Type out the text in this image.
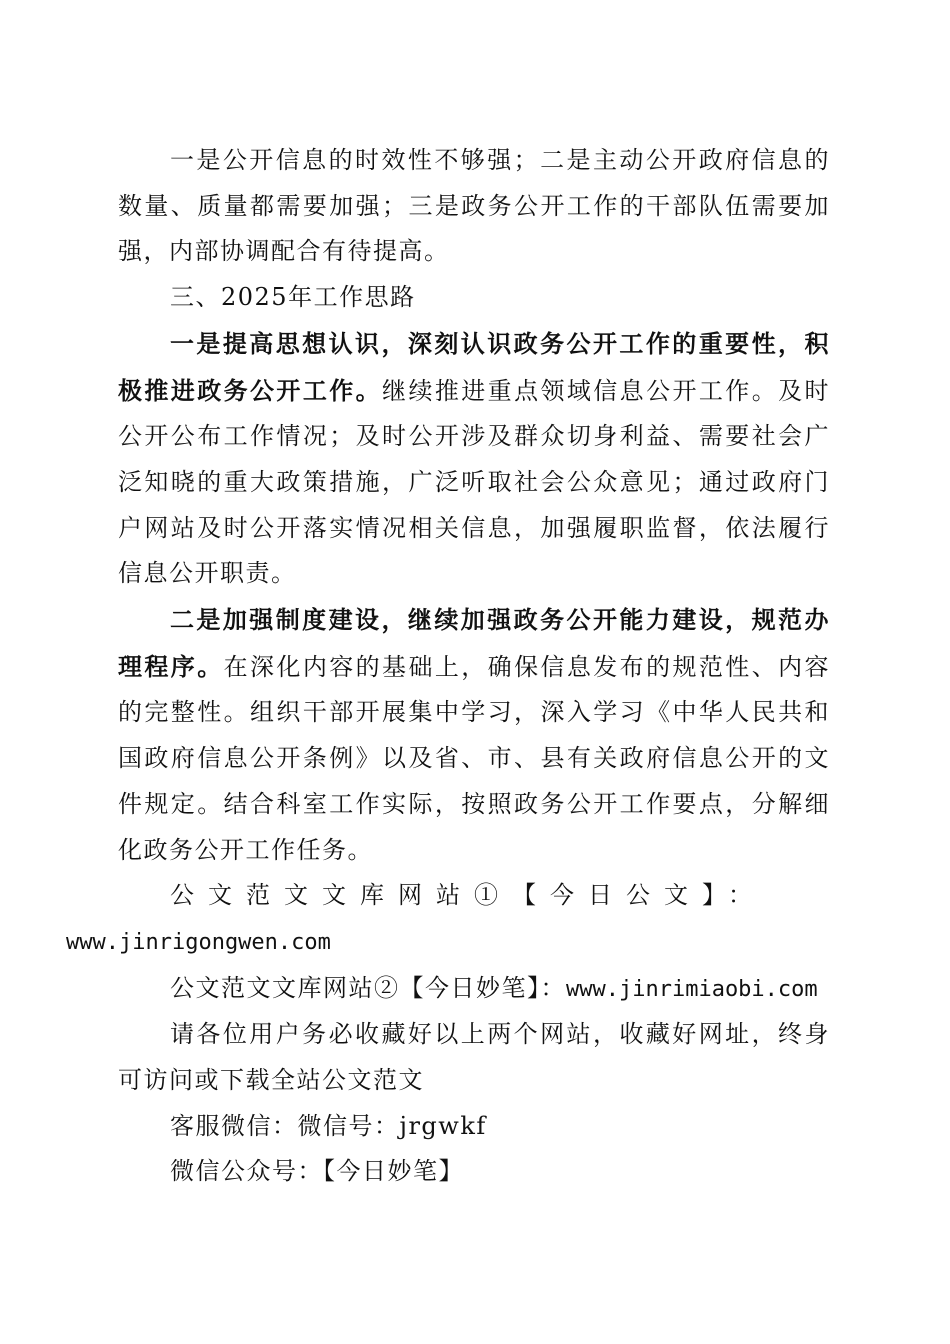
一是公开信息的时效性不够强；二是主动公开政府信息的数量、质量都需要加强；三是政务公开工作的干部队伍需要加强，内部协调配合有待提高。

三、2025年工作思路

一是提高思想认识，深刻认识政务公开工作的重要性，积极推进政务公开工作。继续推进重点领域信息公开工作。及时公开公布工作情况；及时公开涉及群众切身利益、需要社会广泛知晓的重大政策措施，广泛听取社会公众意见；通过政府门户网站及时公开落实情况相关信息，加强履职监督，依法履行信息公开职责。

二是加强制度建设，继续加强政务公开能力建设，规范办理程序。在深化内容的基础上，确保信息发布的规范性、内容的完整性。组织干部开展集中学习，深入学习《中华人民共和国政府信息公开条例》以及省、市、县有关政府信息公开的文件规定。结合科室工作实际，按照政务公开工作要点，分解细化政务公开工作任务。

公文范文文库网站①【今日公文】：
www.jinrigongwen.com

公文范文文库网站②【今日妙笔】：www.jinrimiaobi.com

请各位用户务必收藏好以上两个网站，收藏好网址，终身可访问或下载全站公文范文

客服微信：微信号：jrgwkf

微信公众号：【今日妙笔】
